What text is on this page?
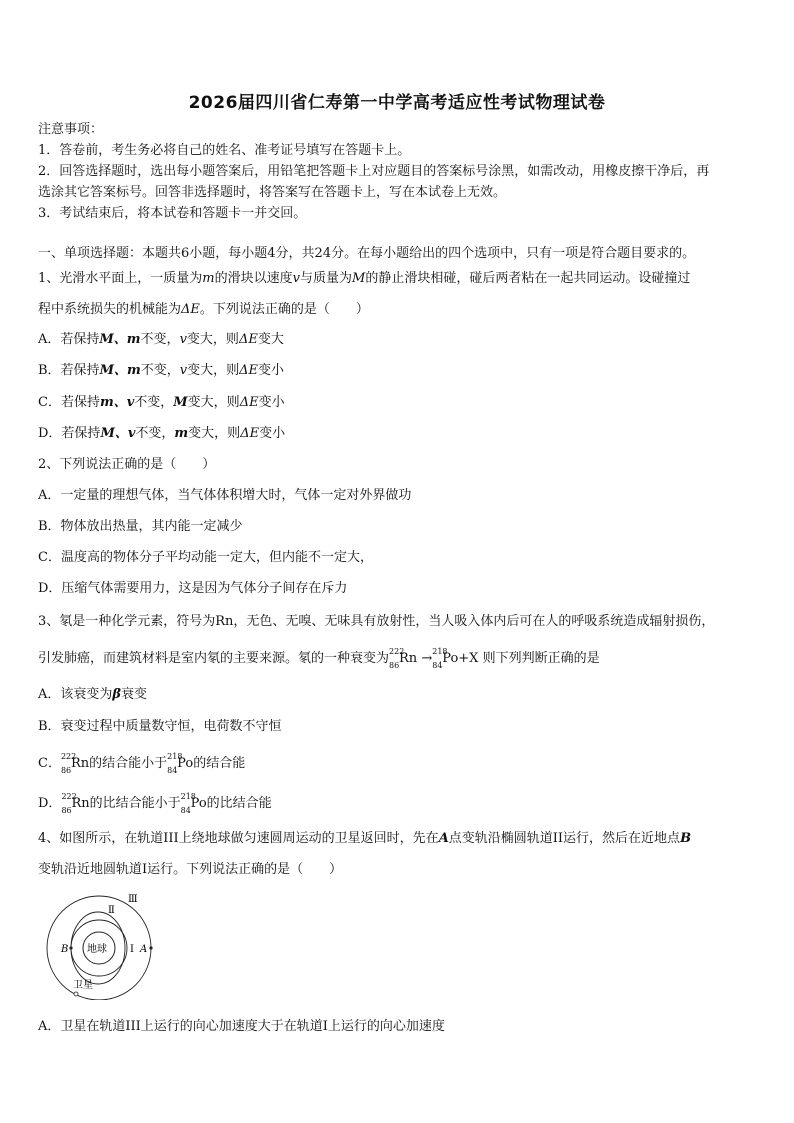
2026届四川省仁寿第一中学高考适应性考试物理试卷
注意事项：
1．答卷前，考生务必将自己的姓名、准考证号填写在答题卡上。
2．回答选择题时，选出每小题答案后，用铅笔把答题卡上对应题目的答案标号涂黑，如需改动，用橡皮擦干净后，再
选涂其它答案标号。回答非选择题时，将答案写在答题卡上，写在本试卷上无效。
3．考试结束后，将本试卷和答题卡一并交回。
一、单项选择题：本题共6小题，每小题4分，共24分。在每小题给出的四个选项中，只有一项是符合题目要求的。
1、光滑水平面上，一质量为m的滑块以速度v与质量为M的静止滑块相碰，碰后两者粘在一起共同运动。设碰撞过
程中系统损失的机械能为ΔE。下列说法正确的是（　　）
A．若保持M、m不变，v变大，则ΔE变大
B．若保持M、m不变，v变大，则ΔE变小
C．若保持m、v不变，M变大，则ΔE变小
D．若保持M、v不变，m变大，则ΔE变小
2、下列说法正确的是（　　）
A．一定量的理想气体，当气体体积增大时，气体一定对外界做功
B．物体放出热量，其内能一定减少
C．温度高的物体分子平均动能一定大，但内能不一定大，
D．压缩气体需要用力，这是因为气体分子间存在斥力
3、氡是一种化学元素，符号为Rn，无色、无嗅、无味具有放射性，当人吸入体内后可在人的呼吸系统造成辐射损伤，
引发肺癌，而建筑材料是室内氡的主要来源。氡的一种衰变为 222
86 Rn → 218
84 Po+X 则下列判断正确的是
A．该衰变为β衰变
B．衰变过程中质量数守恒，电荷数不守恒
C． 222
86 Rn的结合能小于 218
84 Po的结合能
D． 222
86 Rn的比结合能小于 218
84 Po的比结合能
4、如图所示，在轨道III上绕地球做匀速圆周运动的卫星返回时，先在A点变轨沿椭圆轨道II运行，然后在近地点B
变轨沿近地圆轨道I运行。下列说法正确的是（　　）
Ⅲ
Ⅱ
I A
B 地球
卫星
A．卫星在轨道III上运行的向心加速度大于在轨道I上运行的向心加速度
